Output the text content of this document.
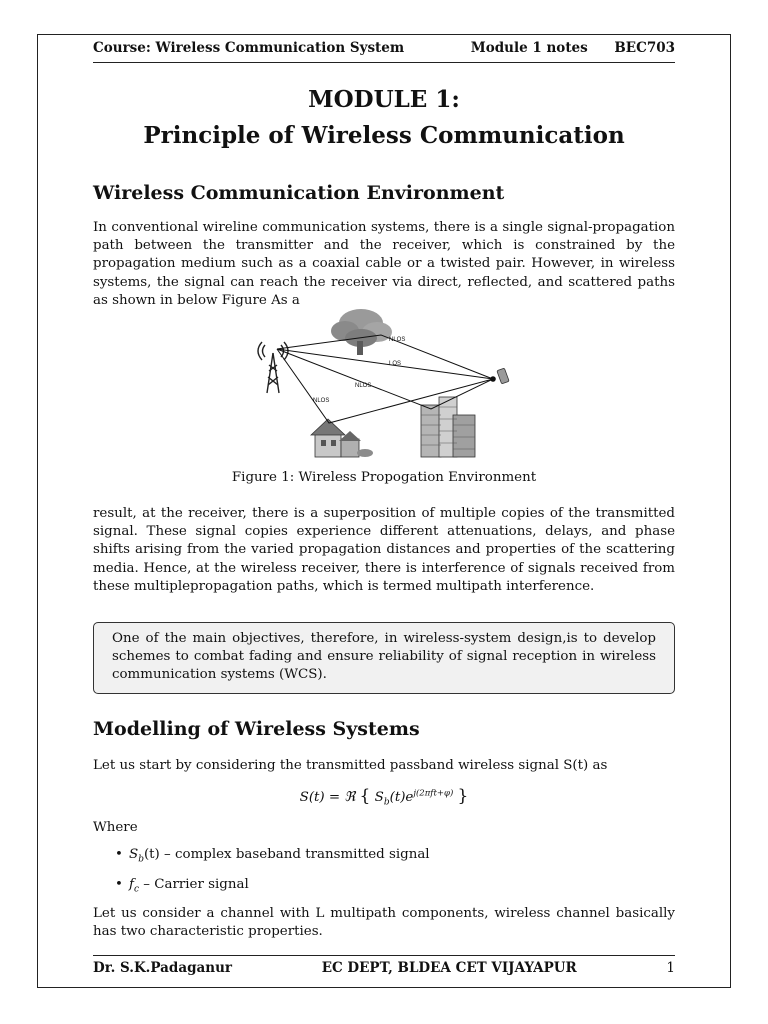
Course: Wireless Communication System	Module 1 notes BEC703
MODULE 1:
Principle of Wireless Communication
Wireless Communication Environment
In conventional wireline communication systems, there is a single signal-propagation path between the transmitter and the receiver, which is constrained by the propagation medium such as a coaxial cable or a twisted pair. However, in wireless systems, the signal can reach the receiver via direct, reflected, and scattered paths as shown in below Figure As a
NLOS
LOS
NLOS
NLOS
Figure 1: Wireless Propogation Environment
result, at the receiver, there is a superposition of multiple copies of the transmitted signal. These signal copies experience different attenuations, delays, and phase shifts arising from the varied propagation distances and properties of the scattering media. Hence, at the wireless receiver, there is interference of signals received from these multiplepropagation paths, which is termed multipath interference.
One of the main objectives, therefore, in wireless-system design,is to develop schemes to combat fading and ensure reliability of signal reception in wireless communication systems (WCS).
Modelling of Wireless Systems
Let us start by considering the transmitted passband wireless signal S(t) as
S(t) = ℜ { $S_b(t)e^{j(2\pi ft+\varphi)}$ }
Where
• $S_b(t)$ – complex baseband transmitted signal
• $f_c$ – Carrier signal
Let us consider a channel with L multipath components, wireless channel basically has two characteristic properties.
Dr. S.K.Padaganur	EC DEPT, BLDEA CET VIJAYAPUR	1
